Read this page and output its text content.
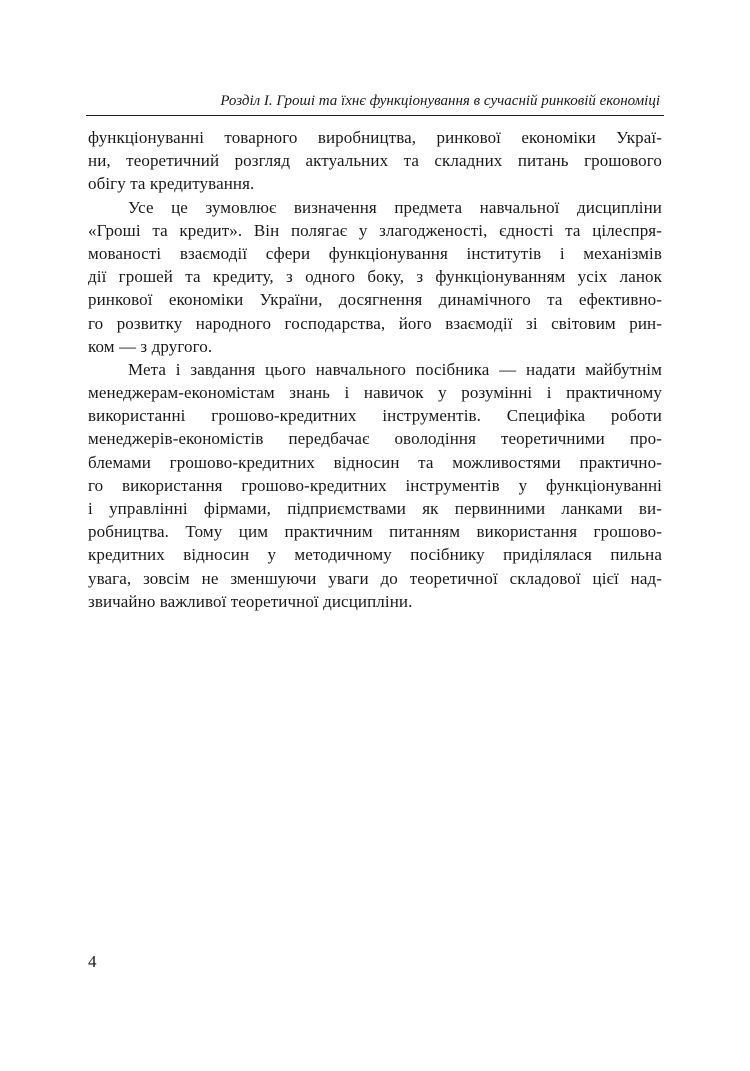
Розділ І. Гроші та їхнє функціонування в сучасній ринковій економіці
функціонуванні товарного виробництва, ринкової економіки Украї-
ни, теоретичний розгляд актуальних та складних питань грошового
обігу та кредитування.
Усе це зумовлює визначення предмета навчальної дисципліни
«Гроші та кредит». Він полягає у злагодженості, єдності та цілеспря-
мованості взаємодії сфери функціонування інститутів і механізмів
дії грошей та кредиту, з одного боку, з функціонуванням усіх ланок
ринкової економіки України, досягнення динамічного та ефективно-
го розвитку народного господарства, його взаємодії зі світовим рин-
ком — з другого.
Мета і завдання цього навчального посібника — надати майбутнім
менеджерам-економістам знань і навичок у розумінні і практичному
використанні грошово-кредитних інструментів. Специфіка роботи
менеджерів-економістів передбачає оволодіння теоретичними про-
блемами грошово-кредитних відносин та можливостями практично-
го використання грошово-кредитних інструментів у функціонуванні
і управлінні фірмами, підприємствами як первинними ланками ви-
робництва. Тому цим практичним питанням використання грошово-
кредитних відносин у методичному посібнику приділялася пильна
увага, зовсім не зменшуючи уваги до теоретичної складової цієї над-
звичайно важливої теоретичної дисципліни.
4
